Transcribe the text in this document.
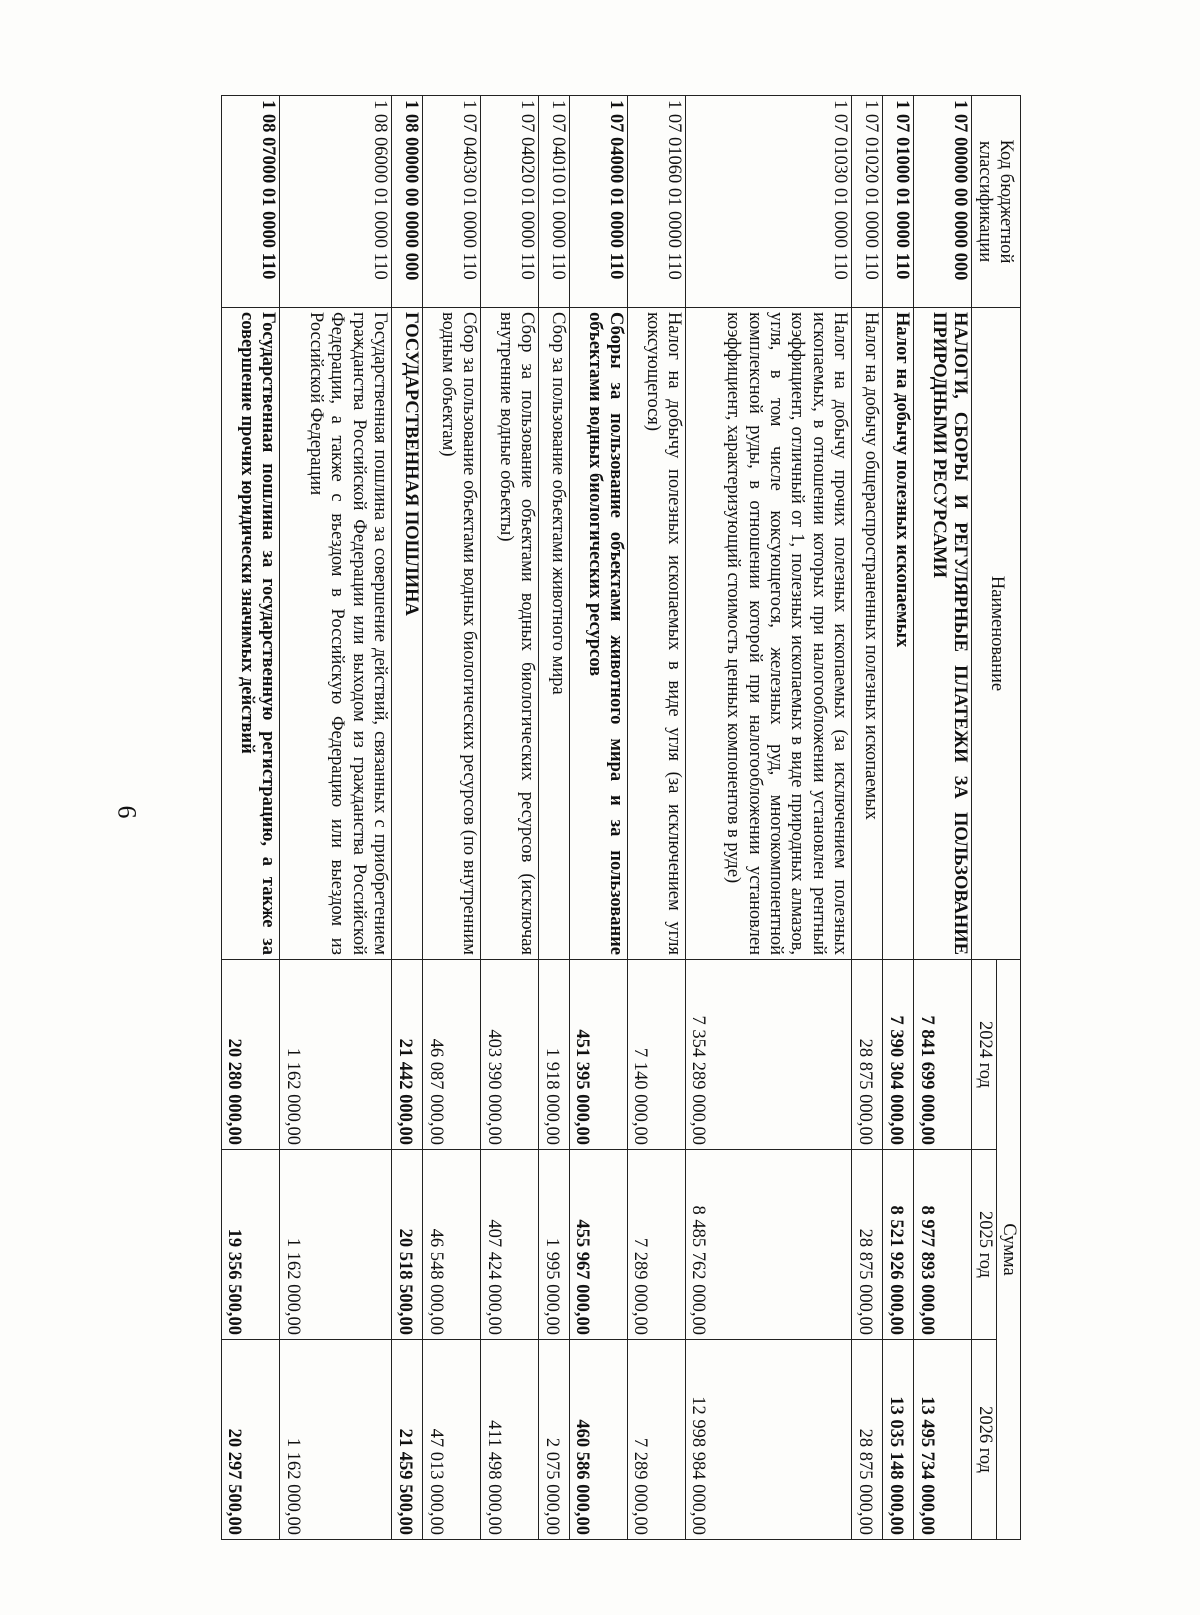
6
Код бюджетной классификации	Наименование	Сумма		
		2024 год	2025 год	2026 год
1 07 00000 00 0000 000	НАЛОГИ, СБОРЫ И РЕГУЛЯРНЫЕ ПЛАТЕЖИ ЗА ПОЛЬЗОВАНИЕ ПРИРОДНЫМИ РЕСУРСАМИ	7 841 699 000,00	8 977 893 000,00	13 495 734 000,00
1 07 01000 01 0000 110	Налог на добычу полезных ископаемых	7 390 304 000,00	8 521 926 000,00	13 035 148 000,00
1 07 01020 01 0000 110	Налог на добычу общераспространенных полезных ископаемых	28 875 000,00	28 875 000,00	28 875 000,00
1 07 01030 01 0000 110	Налог на добычу прочих полезных ископаемых (за исключением полезных ископаемых, в отношении которых при налогообложении установлен рентный коэффициент, отличный от 1, полезных ископаемых в виде природных алмазов, угля, в том числе коксующегося, железных руд, многокомпонентной комплексной руды, в отношении которой при налогообложении установлен коэффициент, характеризующий стоимость ценных компонентов в руде)	7 354 289 000,00	8 485 762 000,00	12 998 984 000,00
1 07 01060 01 0000 110	Налог на добычу полезных ископаемых в виде угля (за исключением угля коксующегося)	7 140 000,00	7 289 000,00	7 289 000,00
1 07 04000 01 0000 110	Сборы за пользование объектами животного мира и за пользование объектами водных биологических ресурсов	451 395 000,00	455 967 000,00	460 586 000,00
1 07 04010 01 0000 110	Сбор за пользование объектами животного мира	1 918 000,00	1 995 000,00	2 075 000,00
1 07 04020 01 0000 110	Сбор за пользование объектами водных биологических ресурсов (исключая внутренние водные объекты)	403 390 000,00	407 424 000,00	411 498 000,00
1 07 04030 01 0000 110	Сбор за пользование объектами водных биологических ресурсов (по внутренним водным объектам)	46 087 000,00	46 548 000,00	47 013 000,00
1 08 00000 00 0000 000	ГОСУДАРСТВЕННАЯ ПОШЛИНА	21 442 000,00	20 518 500,00	21 459 500,00
1 08 06000 01 0000 110	Государственная пошлина за совершение действий, связанных с приобретением гражданства Российской Федерации или выходом из гражданства Российской Федерации, а также с въездом в Российскую Федерацию или выездом из Российской Федерации	1 162 000,00	1 162 000,00	1 162 000,00
1 08 07000 01 0000 110	Государственная пошлина за государственную регистрацию, а также за совершение прочих юридически значимых действий	20 280 000,00	19 356 500,00	20 297 500,00
